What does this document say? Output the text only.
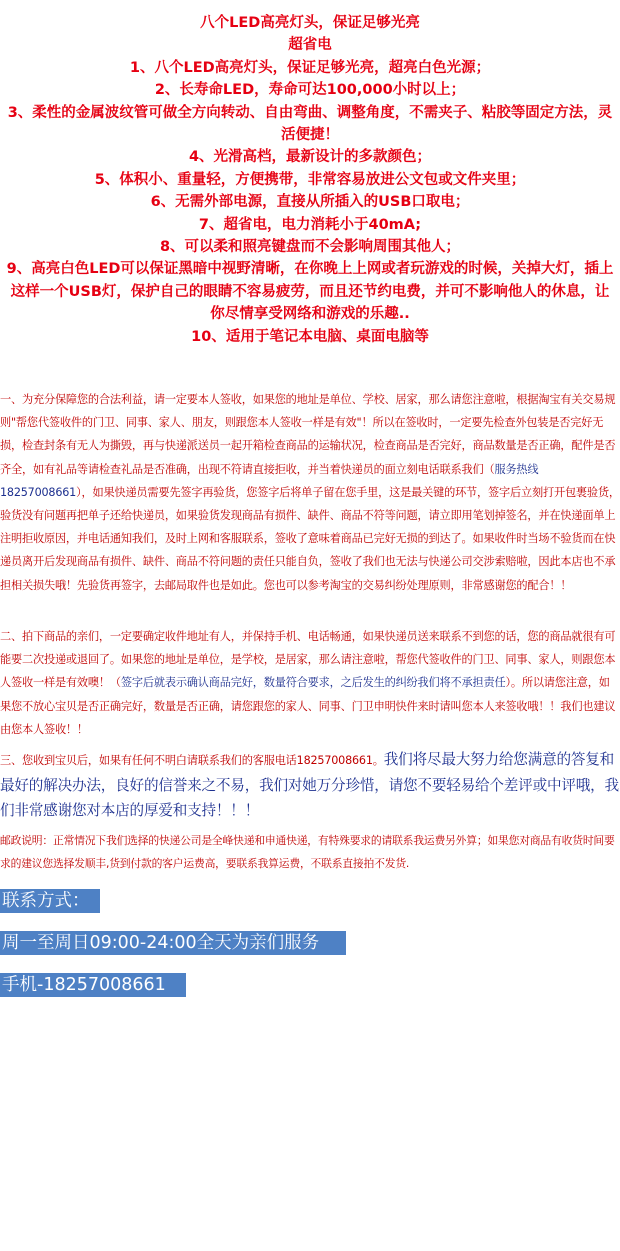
八个LED高亮灯头，保证足够光亮
超省电
1、八个LED高亮灯头，保证足够光亮，超亮白色光源；
2、长寿命LED，寿命可达100,000小时以上；
3、柔性的金属波纹管可做全方向转动、自由弯曲、调整角度，不需夹子、粘胶等固定方法，灵活便捷！
4、光滑高档，最新设计的多款颜色；
5、体积小、重量轻，方便携带，非常容易放进公文包或文件夹里；
6、无需外部电源，直接从所插入的USB口取电；
7、超省电，电力消耗小于40mA;
8、可以柔和照亮键盘而不会影响周围其他人；
9、高亮白色LED可以保证黑暗中视野清晰，在你晚上上网或者玩游戏的时候，关掉大灯，插上这样一个USB灯，保护自己的眼睛不容易疲劳，而且还节约电费，并可不影响他人的休息，让你尽情享受网络和游戏的乐趣..
10、适用于笔记本电脑、桌面电脑等
一、为充分保障您的合法利益，请一定要本人签收，如果您的地址是单位、学校、居家，那么请您注意啦，根据淘宝有关交易规则"帮您代签收件的门卫、同事、家人、朋友，则跟您本人签收一样是有效"！所以在签收时，一定要先检查外包装是否完好无损，检查封条有无人为撕毁，再与快递派送员一起开箱检查商品的运输状况，检查商品是否完好，商品数量是否正确，配件是否齐全，如有礼品等请检查礼品是否准确，出现不符请直接拒收，并当着快递员的面立刻电话联系我们（服务热线18257008661），如果快递员需要先签字再验货，您签字后将单子留在您手里，这是最关键的环节，签字后立刻打开包裹验货，验货没有问题再把单子还给快递员，如果验货发现商品有损件、缺件、商品不符等问题，请立即用笔划掉签名，并在快递面单上注明拒收原因，并电话通知我们，及时上网和客服联系，签收了意味着商品已完好无损的到达了。如果收件时当场不验货而在快递员离开后发现商品有损件、缺件、商品不符问题的责任只能自负，签收了我们也无法与快递公司交涉索赔啦，因此本店也不承担相关损失哦！先验货再签字，去邮局取件也是如此。您也可以参考淘宝的交易纠纷处理原则，非常感谢您的配合！！
二、拍下商品的亲们，一定要确定收件地址有人，并保持手机、电话畅通，如果快递员送来联系不到您的话，您的商品就很有可能要二次投递或退回了。如果您的地址是单位，是学校，是居家，那么请注意啦，帮您代签收件的门卫、同事、家人，则跟您本人签收一样是有效噢！（签字后就表示确认商品完好，数量符合要求，之后发生的纠纷我们将不承担责任）。所以请您注意，如果您不放心宝贝是否正确完好，数量是否正确，请您跟您的家人、同事、门卫申明快件来时请叫您本人来签收哦！！我们也建议由您本人签收！！
三、您收到宝贝后，如果有任何不明白请联系我们的客服电话18257008661。我们将尽最大努力给您满意的答复和最好的解决办法，良好的信誉来之不易，我们对她万分珍惜，请您不要轻易给个差评或中评哦，我们非常感谢您对本店的厚爱和支持！！！
邮政说明：正常情况下我们选择的快递公司是全峰快递和申通快递，有特殊要求的请联系我运费另外算；如果您对商品有收货时间要求的建议您选择发顺丰,货到付款的客户运费高，要联系我算运费，不联系直接拍不发货.
联系方式：
周一至周日09:00-24:00全天为亲们服务
手机-18257008661
